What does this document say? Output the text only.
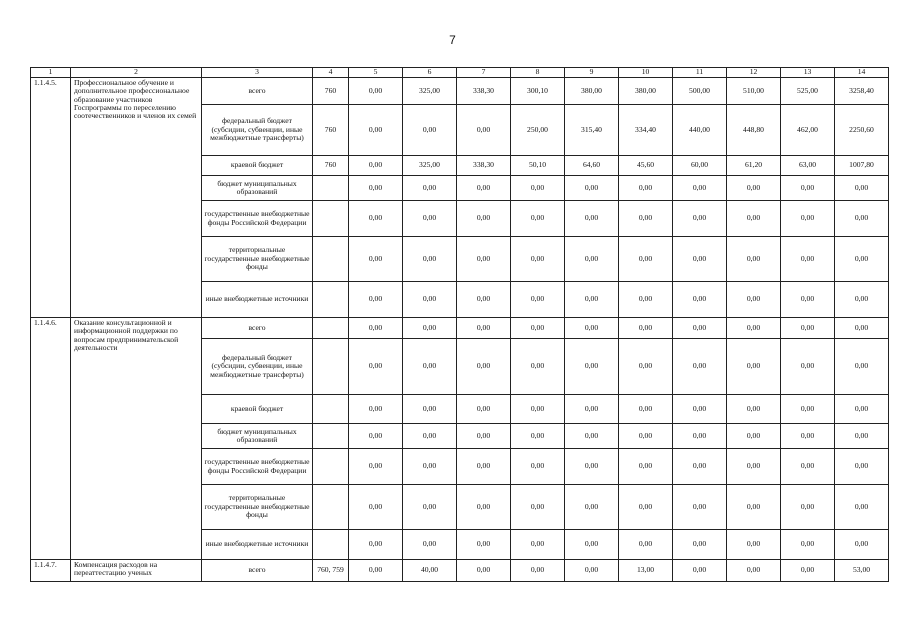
7
1	2	3	4	5	6	7	8	9	10	11	12	13	14
1.1.4.5.	Профессиональное обучение и дополнительное профессиональное образование участников Госпрограммы по переселению соотечественников и членов их семей	всего	760	0,00	325,00	338,30	300,10	380,00	380,00	500,00	510,00	525,00	3258,40
		федеральный бюджет (субсидии, субвенции, иные межбюджетные трансферты)	760	0,00	0,00	0,00	250,00	315,40	334,40	440,00	448,80	462,00	2250,60
		краевой бюджет	760	0,00	325,00	338,30	50,10	64,60	45,60	60,00	61,20	63,00	1007,80
		бюджет муниципальных образований		0,00	0,00	0,00	0,00	0,00	0,00	0,00	0,00	0,00	0,00
		государственные внебюджетные фонды Российской Федерации		0,00	0,00	0,00	0,00	0,00	0,00	0,00	0,00	0,00	0,00
		территориальные государственные внебюджетные фонды		0,00	0,00	0,00	0,00	0,00	0,00	0,00	0,00	0,00	0,00
		иные внебюджетные источники		0,00	0,00	0,00	0,00	0,00	0,00	0,00	0,00	0,00	0,00
1.1.4.6.	Оказание консультационной и информационной поддержки по вопросам предпринимательской деятельности	всего		0,00	0,00	0,00	0,00	0,00	0,00	0,00	0,00	0,00	0,00
		федеральный бюджет (субсидии, субвенции, иные межбюджетные трансферты)		0,00	0,00	0,00	0,00	0,00	0,00	0,00	0,00	0,00	0,00
		краевой бюджет		0,00	0,00	0,00	0,00	0,00	0,00	0,00	0,00	0,00	0,00
		бюджет муниципальных образований		0,00	0,00	0,00	0,00	0,00	0,00	0,00	0,00	0,00	0,00
		государственные внебюджетные фонды Российской Федерации		0,00	0,00	0,00	0,00	0,00	0,00	0,00	0,00	0,00	0,00
		территориальные государственные внебюджетные фонды		0,00	0,00	0,00	0,00	0,00	0,00	0,00	0,00	0,00	0,00
		иные внебюджетные источники		0,00	0,00	0,00	0,00	0,00	0,00	0,00	0,00	0,00	0,00
1.1.4.7.	Компенсация расходов на переаттестацию ученых	всего	760, 759	0,00	40,00	0,00	0,00	0,00	13,00	0,00	0,00	0,00	53,00
